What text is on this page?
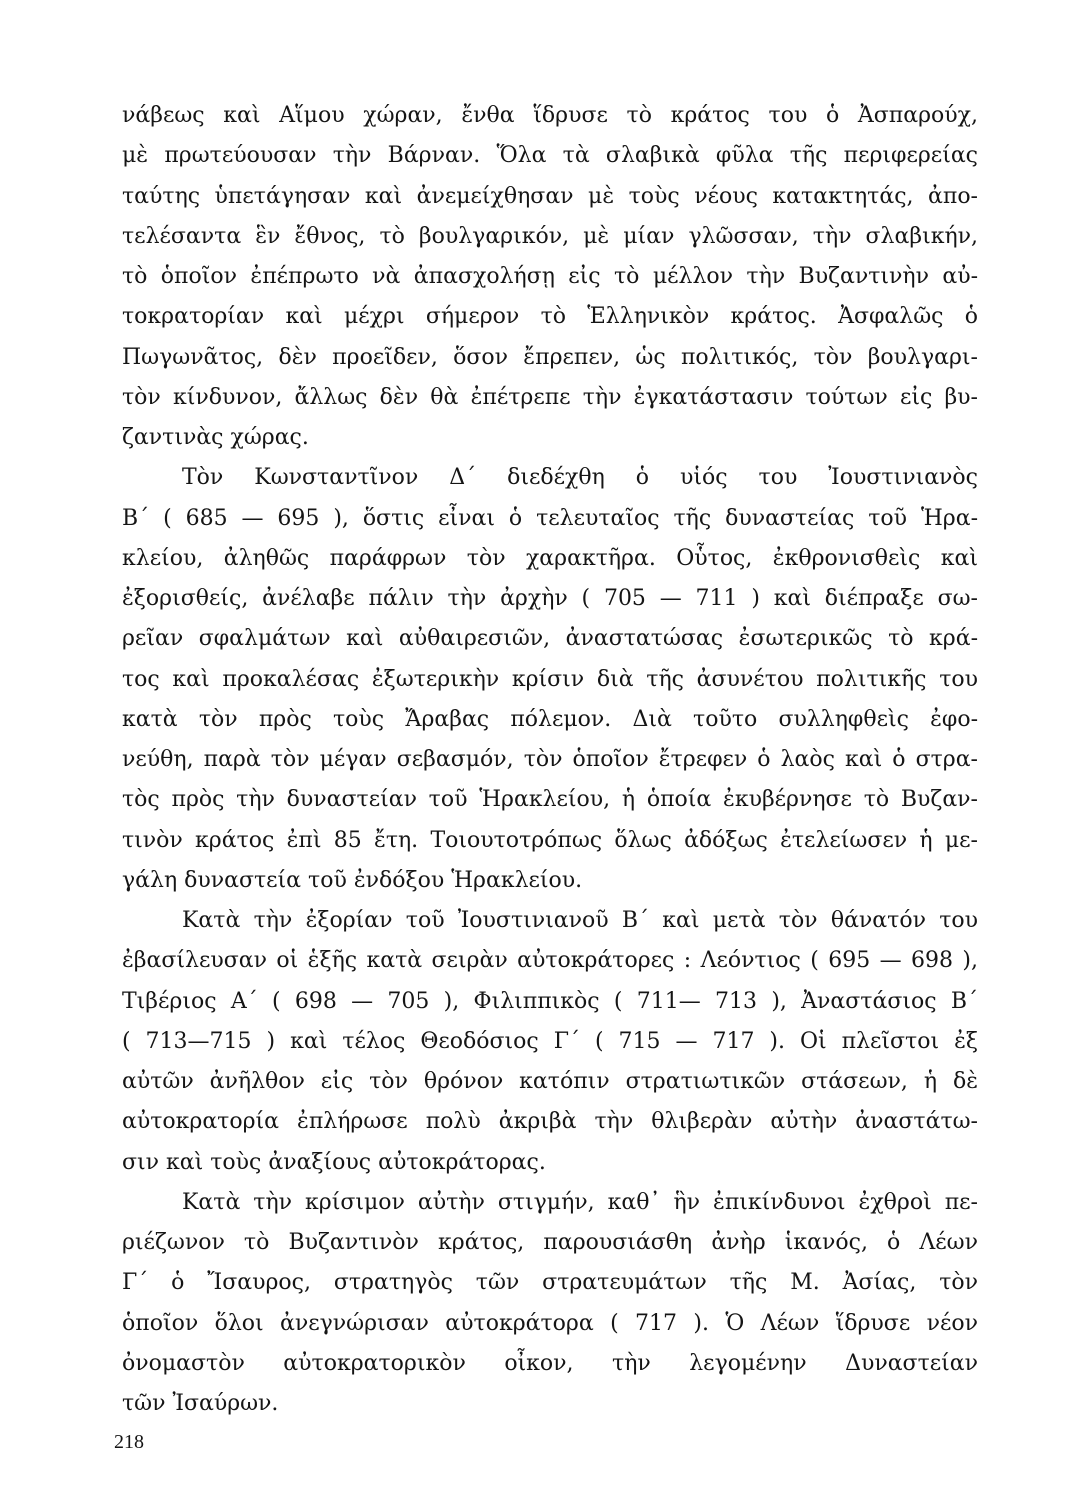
νάβεως καὶ Αἵμου χώραν, ἔνθα ἵδρυσε τὸ κράτος του ὁ Ἀσπαρούχ,
μὲ πρωτεύουσαν τὴν Βάρναν. Ὅλα τὰ σλαβικὰ φῦλα τῆς περιφερείας
ταύτης ὑπετάγησαν καὶ ἀνεμείχθησαν μὲ τοὺς νέους κατακτητάς, ἀπο-
τελέσαντα ἓν ἔθνος, τὸ βουλγαρικόν, μὲ μίαν γλῶσσαν, τὴν σλαβικήν,
τὸ ὁποῖον ἐπέπρωτο νὰ ἀπασχολήσῃ εἰς τὸ μέλλον τὴν Βυζαντινὴν αὐ-
τοκρατορίαν καὶ μέχρι σήμερον τὸ Ἑλληνικὸν κράτος. Ἀσφαλῶς ὁ
Πωγωνᾶτος, δὲν προεῖδεν, ὅσον ἔπρεπεν, ὡς πολιτικός, τὸν βουλγαρι-
τὸν κίνδυνον, ἄλλως δὲν θὰ ἐπέτρεπε τὴν ἐγκατάστασιν τούτων εἰς βυ-
ζαντινὰς χώρας.
Τὸν Κωνσταντῖνον Δ΄ διεδέχθη ὁ υἱός του Ἰουστινιανὸς
Β΄ ( 685 — 695 ), ὅστις εἶναι ὁ τελευταῖος τῆς δυναστείας τοῦ Ἡρα-
κλείου, ἀληθῶς παράφρων τὸν χαρακτῆρα. Οὗτος, ἐκθρονισθεὶς καὶ
ἐξορισθείς, ἀνέλαβε πάλιν τὴν ἀρχὴν ( 705 — 711 ) καὶ διέπραξε σω-
ρεῖαν σφαλμάτων καὶ αὐθαιρεσιῶν, ἀναστατώσας ἐσωτερικῶς τὸ κρά-
τος καὶ προκαλέσας ἐξωτερικὴν κρίσιν διὰ τῆς ἀσυνέτου πολιτικῆς του
κατὰ τὸν πρὸς τοὺς Ἄραβας πόλεμον. Διὰ τοῦτο συλληφθεὶς ἐφο-
νεύθη, παρὰ τὸν μέγαν σεβασμόν, τὸν ὁποῖον ἔτρεφεν ὁ λαὸς καὶ ὁ στρα-
τὸς πρὸς τὴν δυναστείαν τοῦ Ἡρακλείου, ἡ ὁποία ἐκυβέρνησε τὸ Βυζαν-
τινὸν κράτος ἐπὶ 85 ἔτη. Τοιουτοτρόπως ὅλως ἀδόξως ἐτελείωσεν ἡ με-
γάλη δυναστεία τοῦ ἐνδόξου Ἡρακλείου.
Κατὰ τὴν ἐξορίαν τοῦ Ἰουστινιανοῦ Β΄ καὶ μετὰ τὸν θάνατόν του
ἐβασίλευσαν οἱ ἑξῆς κατὰ σειρὰν αὐτοκράτορες : Λεόντιος ( 695 — 698 ),
Τιβέριος Α΄ ( 698 — 705 ), Φιλιππικὸς ( 711— 713 ), Ἀναστάσιος Β΄
( 713—715 ) καὶ τέλος Θεοδόσιος Γ΄ ( 715 — 717 ). Οἱ πλεῖστοι ἐξ
αὐτῶν ἀνῆλθον εἰς τὸν θρόνον κατόπιν στρατιωτικῶν στάσεων, ἡ δὲ
αὐτοκρατορία ἐπλήρωσε πολὺ ἀκριβὰ τὴν θλιβερὰν αὐτὴν ἀναστάτω-
σιν καὶ τοὺς ἀναξίους αὐτοκράτορας.
Κατὰ τὴν κρίσιμον αὐτὴν στιγμήν, καθ᾽ ἣν ἐπικίνδυνοι ἐχθροὶ πε-
ριέζωνον τὸ Βυζαντινὸν κράτος, παρουσιάσθη ἀνὴρ ἱκανός, ὁ Λέων
Γ΄ ὁ Ἴσαυρος, στρατηγὸς τῶν στρατευμάτων τῆς Μ. Ἀσίας, τὸν
ὁποῖον ὅλοι ἀνεγνώρισαν αὐτοκράτορα ( 717 ). Ὁ Λέων ἵδρυσε νέον
ὀνομαστὸν αὐτοκρατορικὸν οἶκον, τὴν λεγομένην Δυναστείαν
τῶν Ἰσαύρων.
218
